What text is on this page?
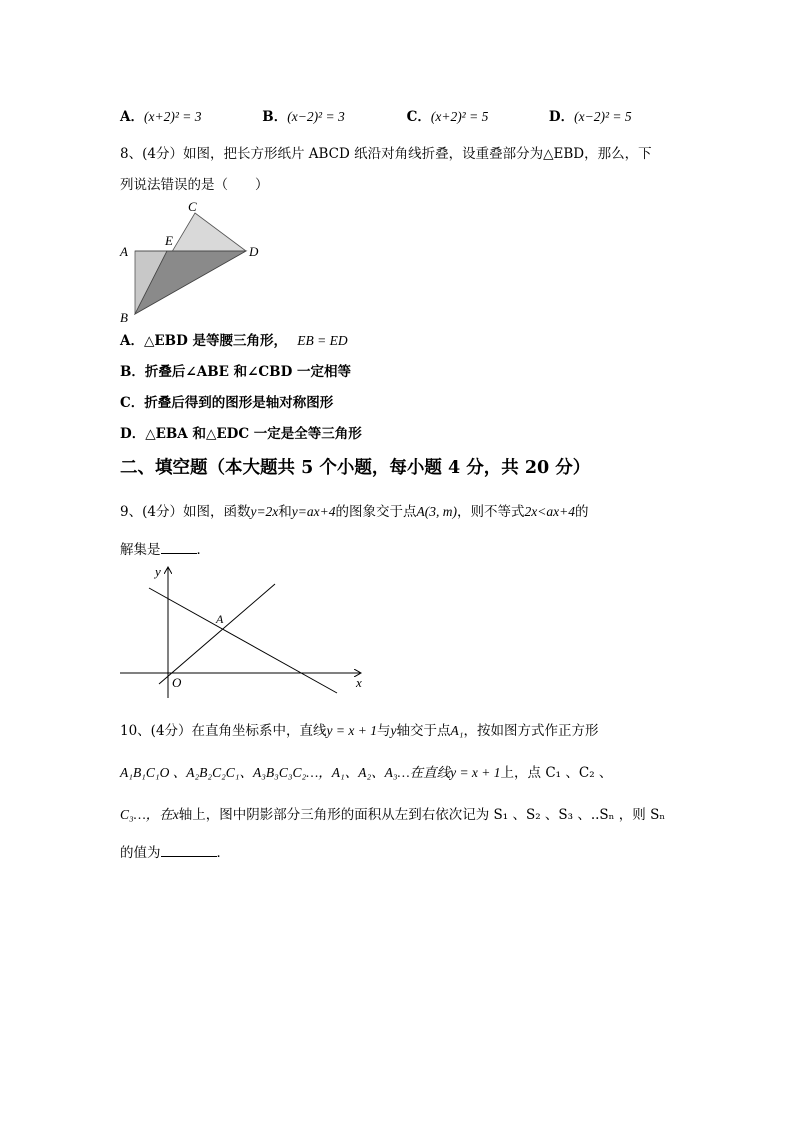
A．(x+2)² = 3	B．(x−2)² = 3	C．(x+2)² = 5	D．(x−2)² = 5
8、(4分）如图，把长方形纸片 ABCD 纸沿对角线折叠，设重叠部分为△EBD，那么，下
列说法错误的是（　　）
C
A
E
D
B
A．△EBD 是等腰三角形， EB = ED
B．折叠后∠ABE 和∠CBD 一定相等
C．折叠后得到的图形是轴对称图形
D．△EBA 和△EDC 一定是全等三角形
二、填空题（本大题共 5 个小题，每小题 4 分，共 20 分）
9、(4分）如图，函数y=2x和y=ax+4的图象交于点A(3, m)，则不等式2x<ax+4的
解集是	．
y
x
O
A
10、(4分）在直角坐标系中，直线y = x + 1与y轴交于点A₁，按如图方式作正方形
A₁B₁C₁O 、A₂B₂C₂C₁、A₃B₃C₃C₂…，A₁、A₂、A₃…在直线y = x + 1上，点 C₁ 、C₂ 、
C₃…，在x轴上，图中阴影部分三角形的面积从左到右依次记为 S₁ 、S₂ 、S₃ 、..Sₙ ，则 Sₙ
的值为	．
